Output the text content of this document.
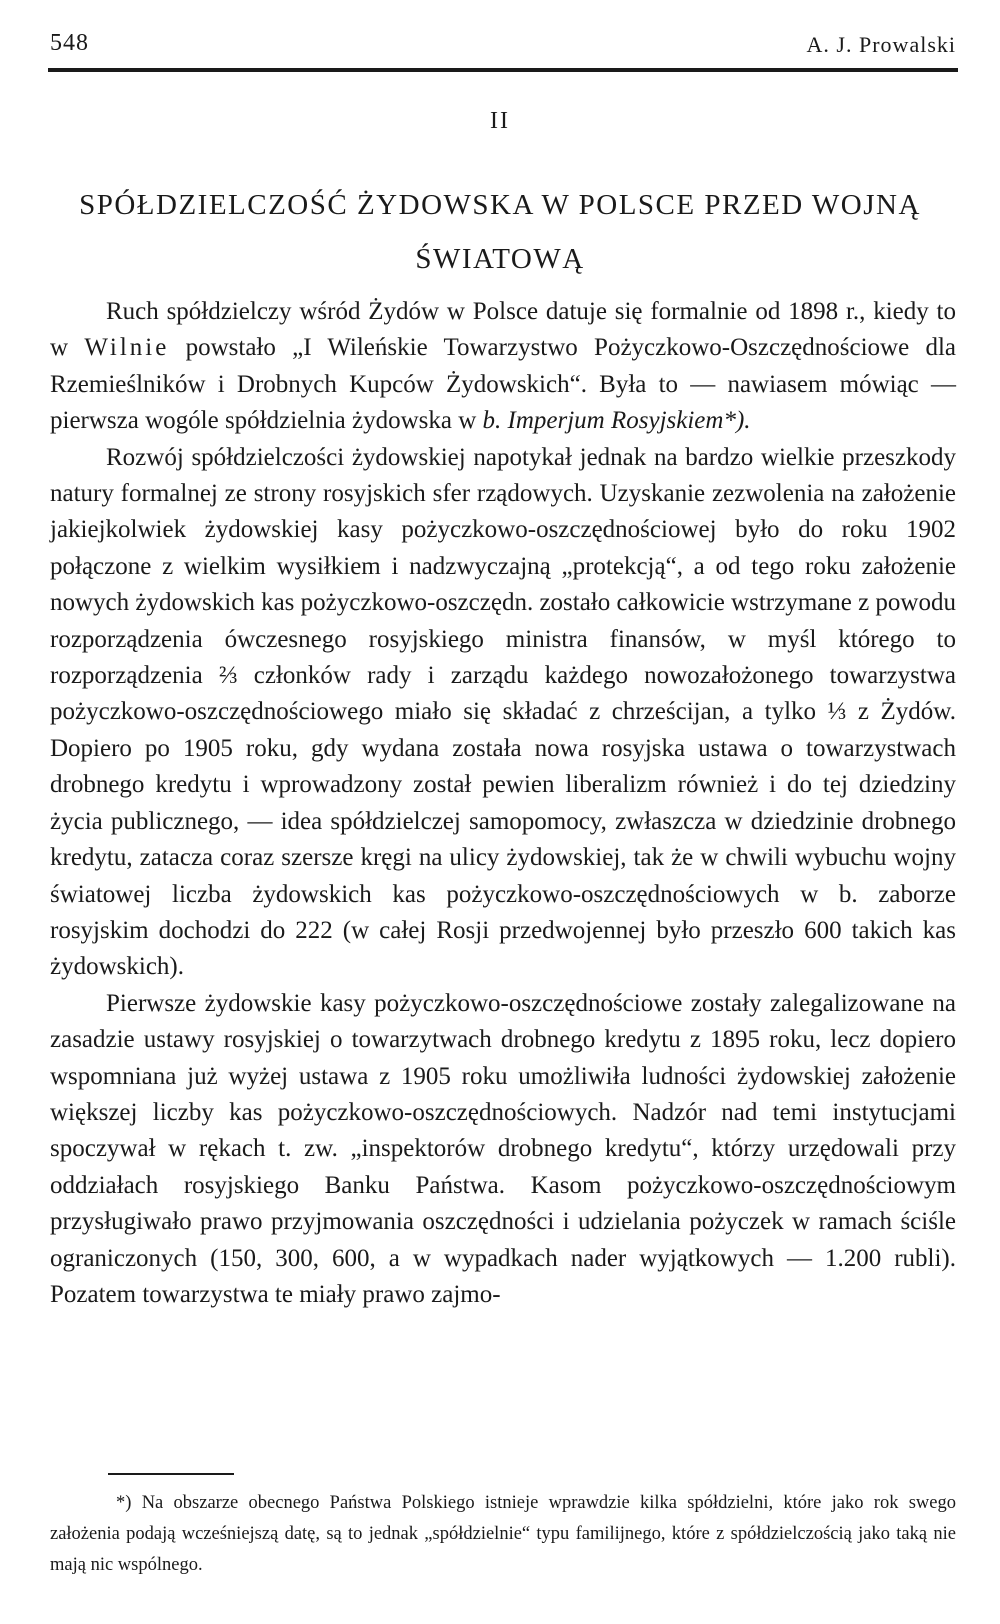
548	A. J. Prowalski
II
SPÓŁDZIELCZOŚĆ ŻYDOWSKA W POLSCE PRZED WOJNĄ
ŚWIATOWĄ

Ruch spółdzielczy wśród Żydów w Polsce datuje się formalnie od 1898 r., kiedy to w Wilnie powstało „I Wileńskie Towarzystwo Pożyczkowo-Oszczędnościowe dla Rzemieślników i Drobnych Kupców Żydowskich“. Była to — nawiasem mówiąc — pierwsza wogóle spółdzielnia żydowska w b. Imperjum Rosyjskiem*).

Rozwój spółdzielczości żydowskiej napotykał jednak na bardzo wielkie przeszkody natury formalnej ze strony rosyjskich sfer rządowych. Uzyskanie zezwolenia na założenie jakiejkolwiek żydowskiej kasy pożyczkowo-oszczędnościowej było do roku 1902 połączone z wielkim wysiłkiem i nadzwyczajną „protekcją“, a od tego roku założenie nowych żydowskich kas pożyczkowo-oszczędn. zostało całkowicie wstrzymane z powodu rozporządzenia ówczesnego rosyjskiego ministra finansów, w myśl którego to rozporządzenia ⅔ członków rady i zarządu każdego nowozałożonego towarzystwa pożyczkowo-oszczędnościowego miało się składać z chrześcijan, a tylko ⅓ z Żydów. Dopiero po 1905 roku, gdy wydana została nowa rosyjska ustawa o towarzystwach drobnego kredytu i wprowadzony został pewien liberalizm również i do tej dziedziny życia publicznego, — idea spółdzielczej samopomocy, zwłaszcza w dziedzinie drobnego kredytu, zatacza coraz szersze kręgi na ulicy żydowskiej, tak że w chwili wybuchu wojny światowej liczba żydowskich kas pożyczkowo-oszczędnościowych w b. zaborze rosyjskim dochodzi do 222 (w całej Rosji przedwojennej było przeszło 600 takich kas żydowskich).

Pierwsze żydowskie kasy pożyczkowo-oszczędnościowe zostały zalegalizowane na zasadzie ustawy rosyjskiej o towarzytwach drobnego kredytu z 1895 roku, lecz dopiero wspomniana już wyżej ustawa z 1905 roku umożliwiła ludności żydowskiej założenie większej liczby kas pożyczkowo-oszczędnościowych. Nadzór nad temi instytucjami spoczywał w rękach t. zw. „inspektorów drobnego kredytu“, którzy urzędowali przy oddziałach rosyjskiego Banku Państwa. Kasom pożyczkowo-oszczędnościowym przysługiwało prawo przyjmowania oszczędności i udzielania pożyczek w ramach ściśle ograniczonych (150, 300, 600, a w wypadkach nader wyjątkowych — 1.200 rubli). Pozatem towarzystwa te miały prawo zajmo-

*) Na obszarze obecnego Państwa Polskiego istnieje wprawdzie kilka spółdzielni, które jako rok swego założenia podają wcześniejszą datę, są to jednak „spółdzielnie“ typu familijnego, które z spółdzielczością jako taką nie mają nic wspólnego.
